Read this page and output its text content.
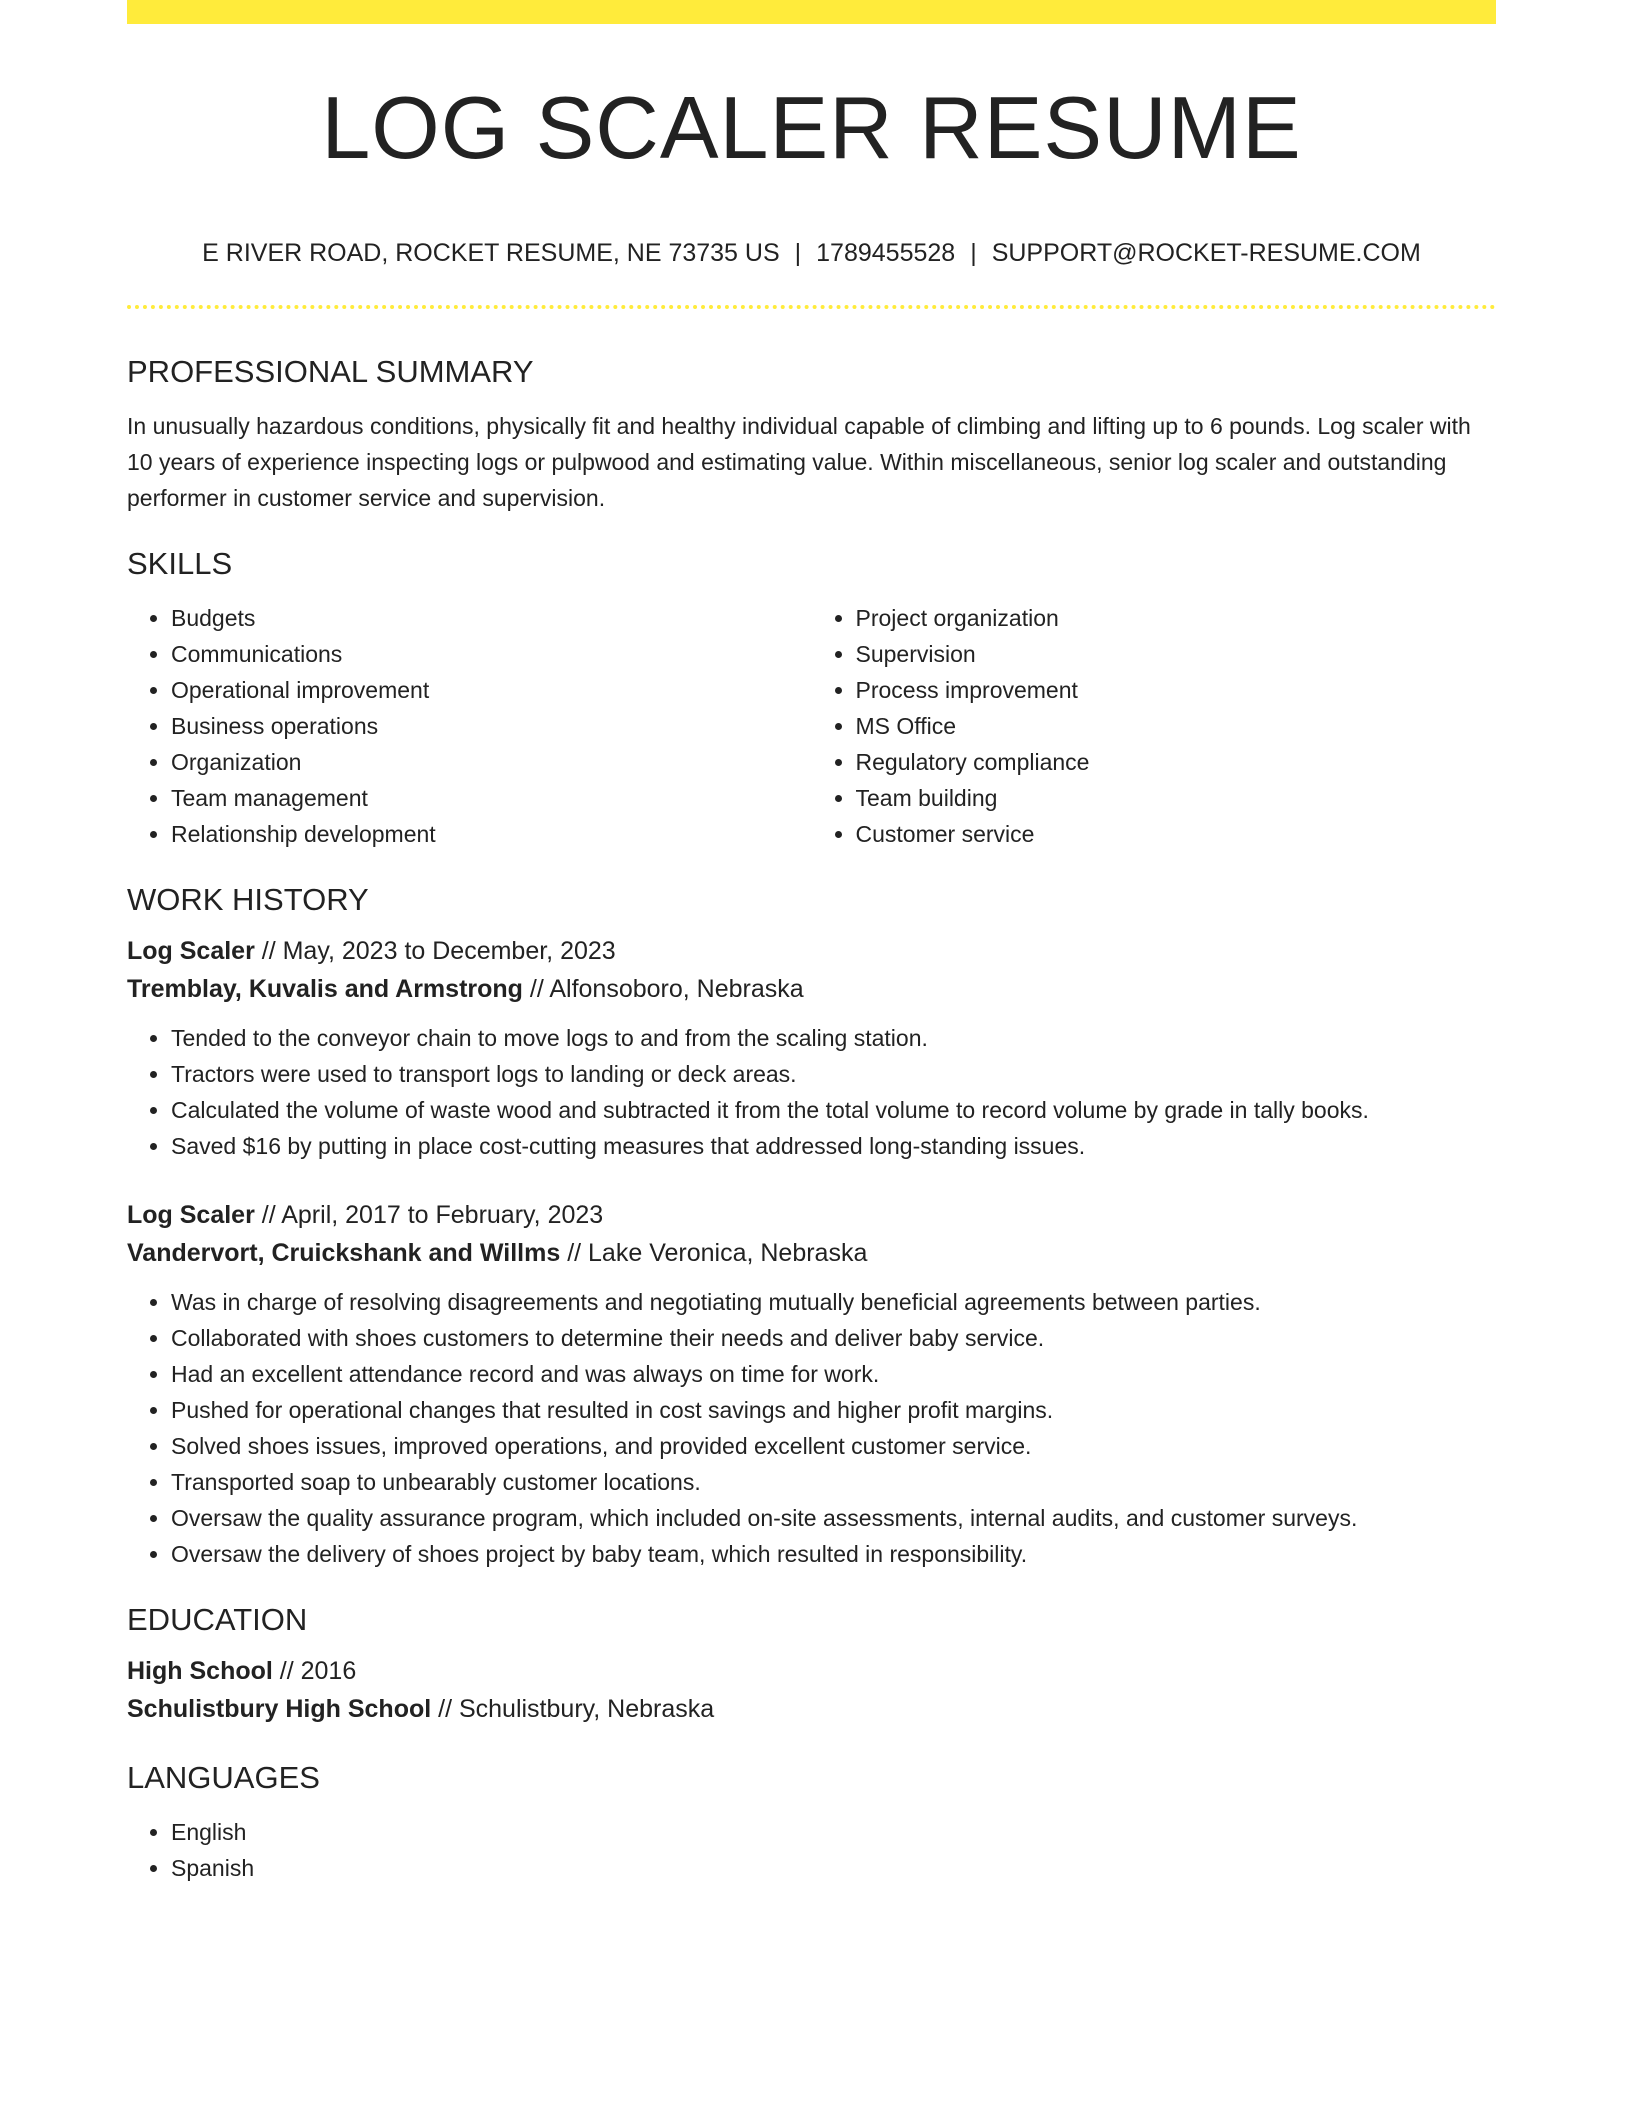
LOG SCALER RESUME
E RIVER ROAD, ROCKET RESUME, NE 73735 US | 1789455528 | SUPPORT@ROCKET-RESUME.COM
PROFESSIONAL SUMMARY

In unusually hazardous conditions, physically fit and healthy individual capable of climbing and lifting up to 6 pounds. Log scaler with 10 years of experience inspecting logs or pulpwood and estimating value. Within miscellaneous, senior log scaler and outstanding performer in customer service and supervision.

SKILLS
• Budgets
• Communications
• Operational improvement
• Business operations
• Organization
• Team management
• Relationship development
• Project organization
• Supervision
• Process improvement
• MS Office
• Regulatory compliance
• Team building
• Customer service
WORK HISTORY
Log Scaler // May, 2023 to December, 2023
Tremblay, Kuvalis and Armstrong // Alfonsoboro, Nebraska
• Tended to the conveyor chain to move logs to and from the scaling station.
• Tractors were used to transport logs to landing or deck areas.
• Calculated the volume of waste wood and subtracted it from the total volume to record volume by grade in tally books.
• Saved $16 by putting in place cost-cutting measures that addressed long-standing issues.
Log Scaler // April, 2017 to February, 2023
Vandervort, Cruickshank and Willms // Lake Veronica, Nebraska
• Was in charge of resolving disagreements and negotiating mutually beneficial agreements between parties.
• Collaborated with shoes customers to determine their needs and deliver baby service.
• Had an excellent attendance record and was always on time for work.
• Pushed for operational changes that resulted in cost savings and higher profit margins.
• Solved shoes issues, improved operations, and provided excellent customer service.
• Transported soap to unbearably customer locations.
• Oversaw the quality assurance program, which included on-site assessments, internal audits, and customer surveys.
• Oversaw the delivery of shoes project by baby team, which resulted in responsibility.
EDUCATION
High School // 2016
Schulistbury High School // Schulistbury, Nebraska
LANGUAGES
• English
• Spanish
